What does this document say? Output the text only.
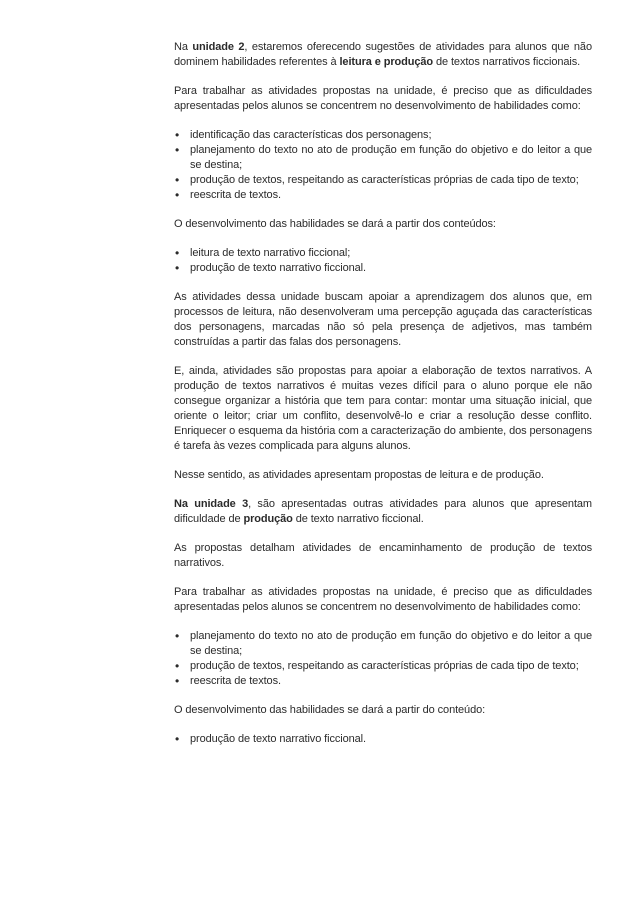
Na unidade 2, estaremos oferecendo sugestões de atividades para alunos que não dominem habilidades referentes à leitura e produção de textos narrativos ficcionais.

Para trabalhar as atividades propostas na unidade, é preciso que as dificuldades apresentadas pelos alunos se concentrem no desenvolvimento de habilidades como:

• identificação das características dos personagens;
• planejamento do texto no ato de produção em função do objetivo e do leitor a que se destina;
• produção de textos, respeitando as características próprias de cada tipo de texto;
• reescrita de textos.

O desenvolvimento das habilidades se dará a partir dos conteúdos:

• leitura de texto narrativo ficcional;
• produção de texto narrativo ficcional.

As atividades dessa unidade buscam apoiar a aprendizagem dos alunos que, em processos de leitura, não desenvolveram uma percepção aguçada das características dos personagens, marcadas não só pela presença de adjetivos, mas também construídas a partir das falas dos personagens.

E, ainda, atividades são propostas para apoiar a elaboração de textos narrativos. A produção de textos narrativos é muitas vezes difícil para o aluno porque ele não consegue organizar a história que tem para contar: montar uma situação inicial, que oriente o leitor; criar um conflito, desenvolvê-lo e criar a resolução desse conflito. Enriquecer o esquema da história com a caracterização do ambiente, dos personagens é tarefa às vezes complicada para alguns alunos.

Nesse sentido, as atividades apresentam propostas de leitura e de produção.

Na unidade 3, são apresentadas outras atividades para alunos que apresentam dificuldade de produção de texto narrativo ficcional.

As propostas detalham atividades de encaminhamento de produção de textos narrativos.

Para trabalhar as atividades propostas na unidade, é preciso que as dificuldades apresentadas pelos alunos se concentrem no desenvolvimento de habilidades como:

• planejamento do texto no ato de produção em função do objetivo e do leitor a que se destina;
• produção de textos, respeitando as características próprias de cada tipo de texto;
• reescrita de textos.

O desenvolvimento das habilidades se dará a partir do conteúdo:

• produção de texto narrativo ficcional.
